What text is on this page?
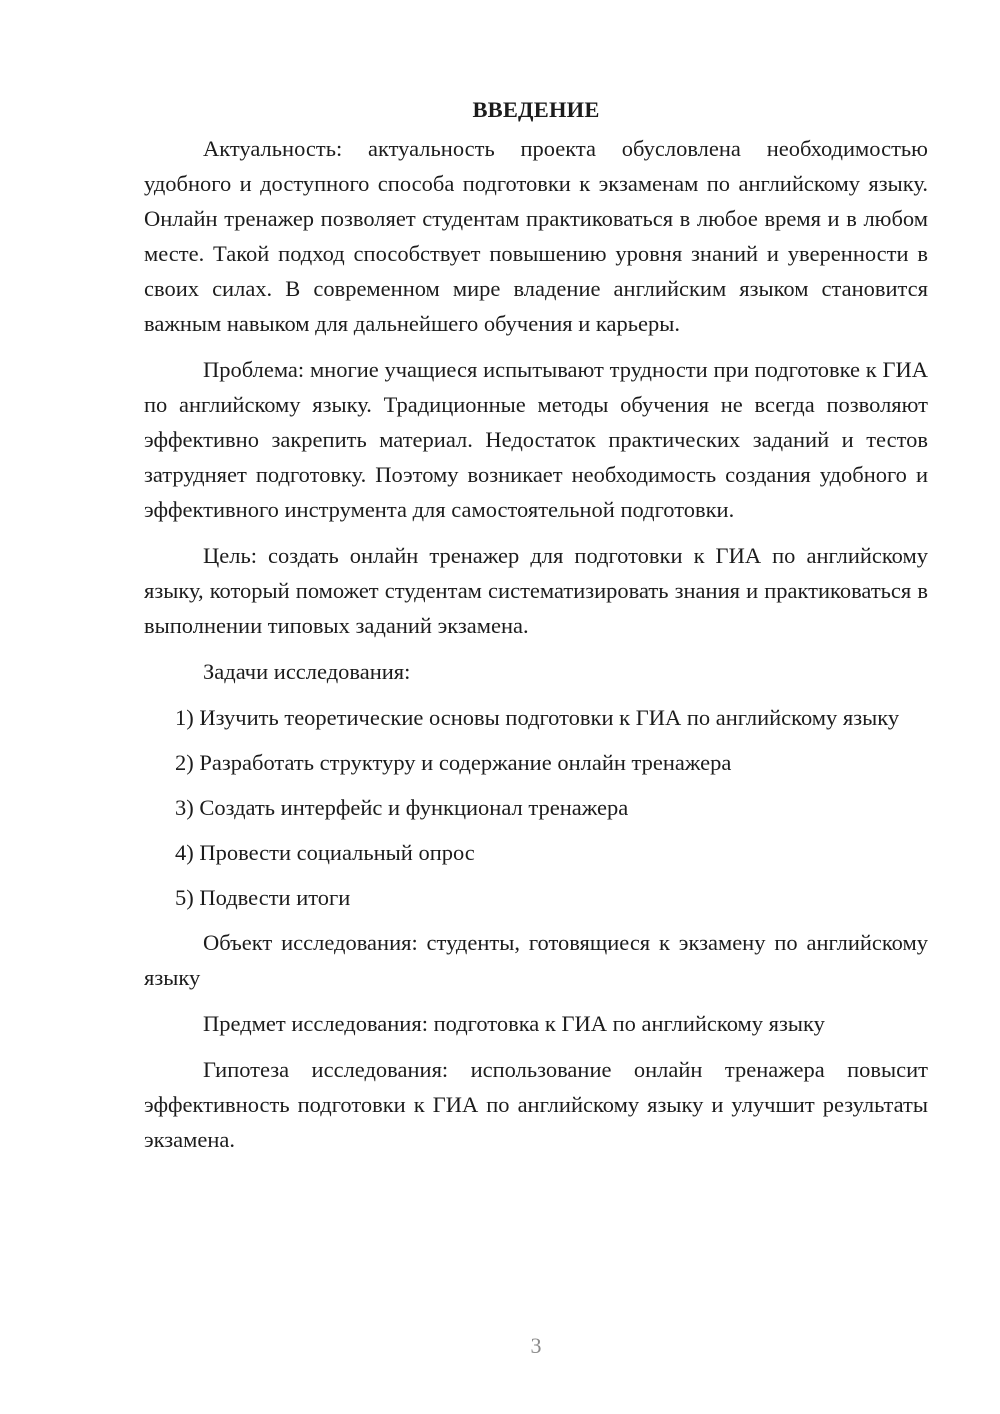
ВВЕДЕНИЕ

Актуальность: актуальность проекта обусловлена необходимостью удобного и доступного способа подготовки к экзаменам по английскому языку. Онлайн тренажер позволяет студентам практиковаться в любое время и в любом месте. Такой подход способствует повышению уровня знаний и уверенности в своих силах. В современном мире владение английским языком становится важным навыком для дальнейшего обучения и карьеры.

Проблема: многие учащиеся испытывают трудности при подготовке к ГИА по английскому языку. Традиционные методы обучения не всегда позволяют эффективно закрепить материал. Недостаток практических заданий и тестов затрудняет подготовку. Поэтому возникает необходимость создания удобного и эффективного инструмента для самостоятельной подготовки.

Цель: создать онлайн тренажер для подготовки к ГИА по английскому языку, который поможет студентам систематизировать знания и практиковаться в выполнении типовых заданий экзамена.

Задачи исследования:

1) Изучить теоретические основы подготовки к ГИА по английскому языку

2) Разработать структуру и содержание онлайн тренажера

3) Создать интерфейс и функционал тренажера

4) Провести социальный опрос

5) Подвести итоги

Объект исследования: студенты, готовящиеся к экзамену по английскому языку

Предмет исследования: подготовка к ГИА по английскому языку

Гипотеза исследования: использование онлайн тренажера повысит эффективность подготовки к ГИА по английскому языку и улучшит результаты экзамена.

3
